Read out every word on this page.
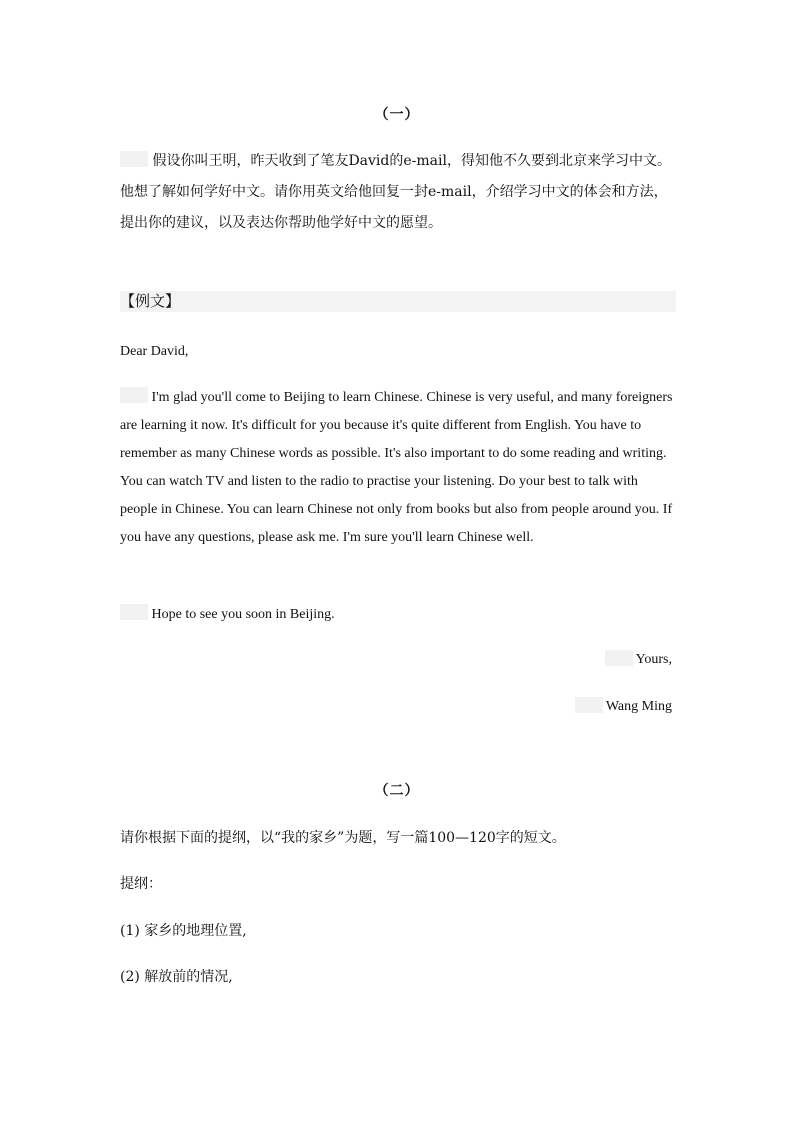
（一）
假设你叫王明，昨天收到了笔友David的e-mail，得知他不久要到北京来学习中文。他想了解如何学好中文。请你用英文给他回复一封e-mail，介绍学习中文的体会和方法，提出你的建议，以及表达你帮助他学好中文的愿望。
【例文】
Dear David,
I'm glad you'll come to Beijing to learn Chinese. Chinese is very useful, and many foreigners are learning it now. It's difficult for you because it's quite different from English. You have to remember as many Chinese words as possible. It's also important to do some reading and writing. You can watch TV and listen to the radio to practise your listening. Do your best to talk with people in Chinese. You can learn Chinese not only from books but also from people around you. If you have any questions, please ask me. I'm sure you'll learn Chinese well.
Hope to see you soon in Beijing.
Yours,
Wang Ming
（二）
请你根据下面的提纲，以“我的家乡”为题，写一篇100—120字的短文。
提纲：
(1) 家乡的地理位置,
(2) 解放前的情况,
